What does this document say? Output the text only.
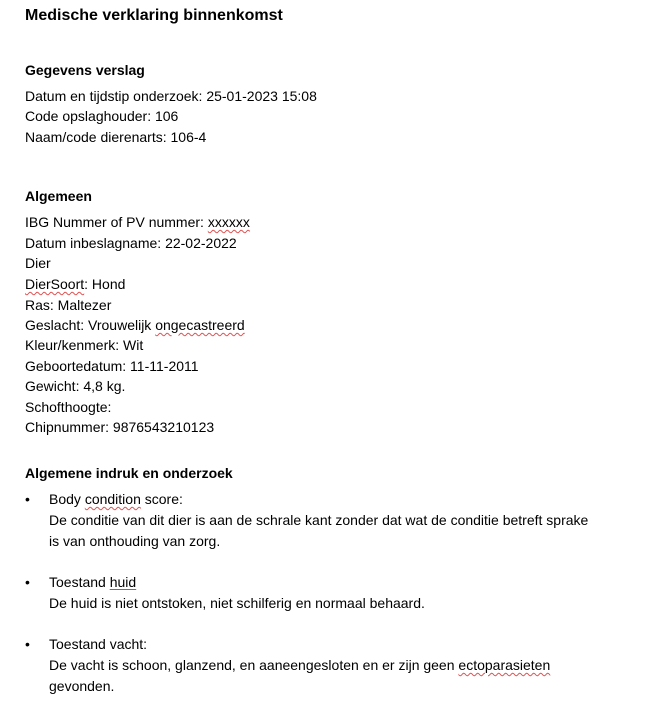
Medische verklaring binnenkomst
Gegevens verslag
Datum en tijdstip onderzoek: 25-01-2023 15:08
Code opslaghouder: 106
Naam/code dierenarts: 106-4
Algemeen
IBG Nummer of PV nummer: xxxxxx
Datum inbeslagname: 22-02-2022
Dier
DierSoort: Hond
Ras: Maltezer
Geslacht: Vrouwelijk ongecastreerd
Kleur/kenmerk: Wit
Geboortedatum: 11-11-2011
Gewicht: 4,8 kg.
Schofthoogte:
Chipnummer: 9876543210123
Algemene indruk en onderzoek
• Body condition score:
De conditie van dit dier is aan de schrale kant zonder dat wat de conditie betreft sprake
is van onthouding van zorg.
• Toestand huid
De huid is niet ontstoken, niet schilferig en normaal behaard.
• Toestand vacht:
De vacht is schoon, glanzend, en aaneengesloten en er zijn geen ectoparasieten
gevonden.
